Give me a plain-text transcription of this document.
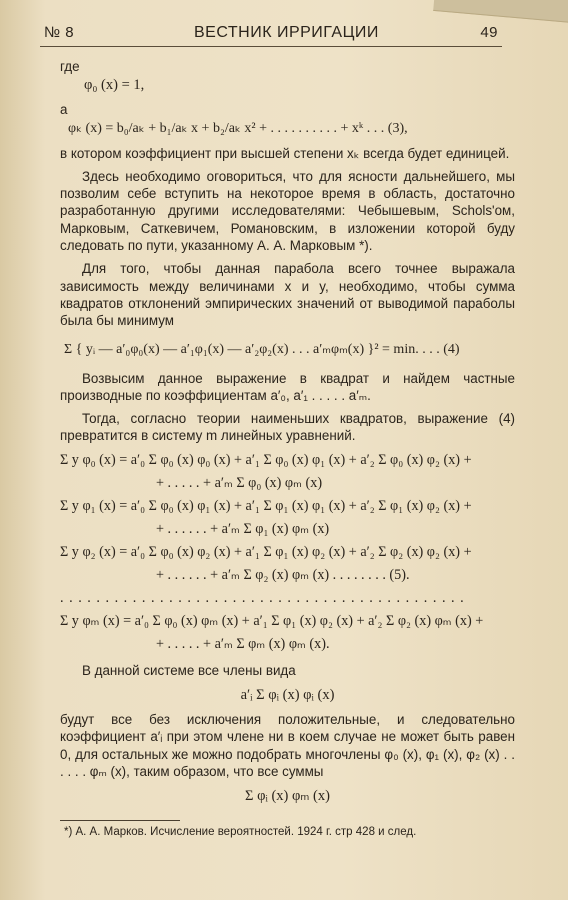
№ 8	ВЕСТНИК ИРРИГАЦИИ	49
где
φ₀ (x) = 1,
а
φₖ (x) = b₀/aₖ + b₁/aₖ x + b₂/aₖ x² + . . . . . . . . . . + xᵏ . . . (3),
в котором коэффициент при высшей степени xₖ всегда будет единицей.
Здесь необходимо оговориться, что для ясности дальнейшего, мы позволим себе вступить на некоторое время в область, достаточно разработанную другими исследователями: Чебышевым, Schols'ом, Марковым, Саткевичем, Романовским, в изложении которой буду следовать по пути, указанному А. А. Марковым *).
Для того, чтобы данная парабола всего точнее выражала зависимость между величинами x и y, необходимо, чтобы сумма квадратов отклонений эмпирических значений от выводимой параболы была бы минимум
Σ { yᵢ — a′₀φ₀(x) — a′₁φ₁(x) — a′₂φ₂(x) . . . a′ₘφₘ(x) }² = min. . . . (4)
Возвысим данное выражение в квадрат и найдем частные производные по коэффициентам a′₀, a′₁ . . . . . a′ₘ.
Тогда, согласно теории наименьших квадратов, выражение (4) превратится в систему m линейных уравнений.
Σ y φ₀ (x) = a′₀ Σ φ₀ (x) φ₀ (x) + a′₁ Σ φ₀ (x) φ₁ (x) + a′₂ Σ φ₀ (x) φ₂ (x) +
+ . . . . . + a′ₘ Σ φ₀ (x) φₘ (x)
Σ y φ₁ (x) = a′₀ Σ φ₀ (x) φ₁ (x) + a′₁ Σ φ₁ (x) φ₁ (x) + a′₂ Σ φ₁ (x) φ₂ (x) +
+ . . . . . . + a′ₘ Σ φ₁ (x) φₘ (x)
Σ y φ₂ (x) = a′₀ Σ φ₀ (x) φ₂ (x) + a′₁ Σ φ₁ (x) φ₂ (x) + a′₂ Σ φ₂ (x) φ₂ (x) +
+ . . . . . . + a′ₘ Σ φ₂ (x) φₘ (x) . . . . . . . . (5).
. . . . . . . . . . . . . . . . . . . . . . . . . . . . . . . . . . . . . . . . . . . . .
Σ y φₘ (x) = a′₀ Σ φ₀ (x) φₘ (x) + a′₁ Σ φ₁ (x) φ₂ (x) + a′₂ Σ φ₂ (x) φₘ (x) +
+ . . . . . + a′ₘ Σ φₘ (x) φₘ (x).
В данной системе все члены вида
a′ᵢ Σ φᵢ (x) φᵢ (x)
будут все без исключения положительные, и следовательно коэффициент a′ᵢ при этом члене ни в коем случае не может быть равен 0, для остальных же можно подобрать многочлены φ₀ (x), φ₁ (x), φ₂ (x) . . . . . . φₘ (x), таким образом, что все суммы
Σ φᵢ (x) φₘ (x)
*) А. А. Марков. Исчисление вероятностей. 1924 г. стр 428 и след.
